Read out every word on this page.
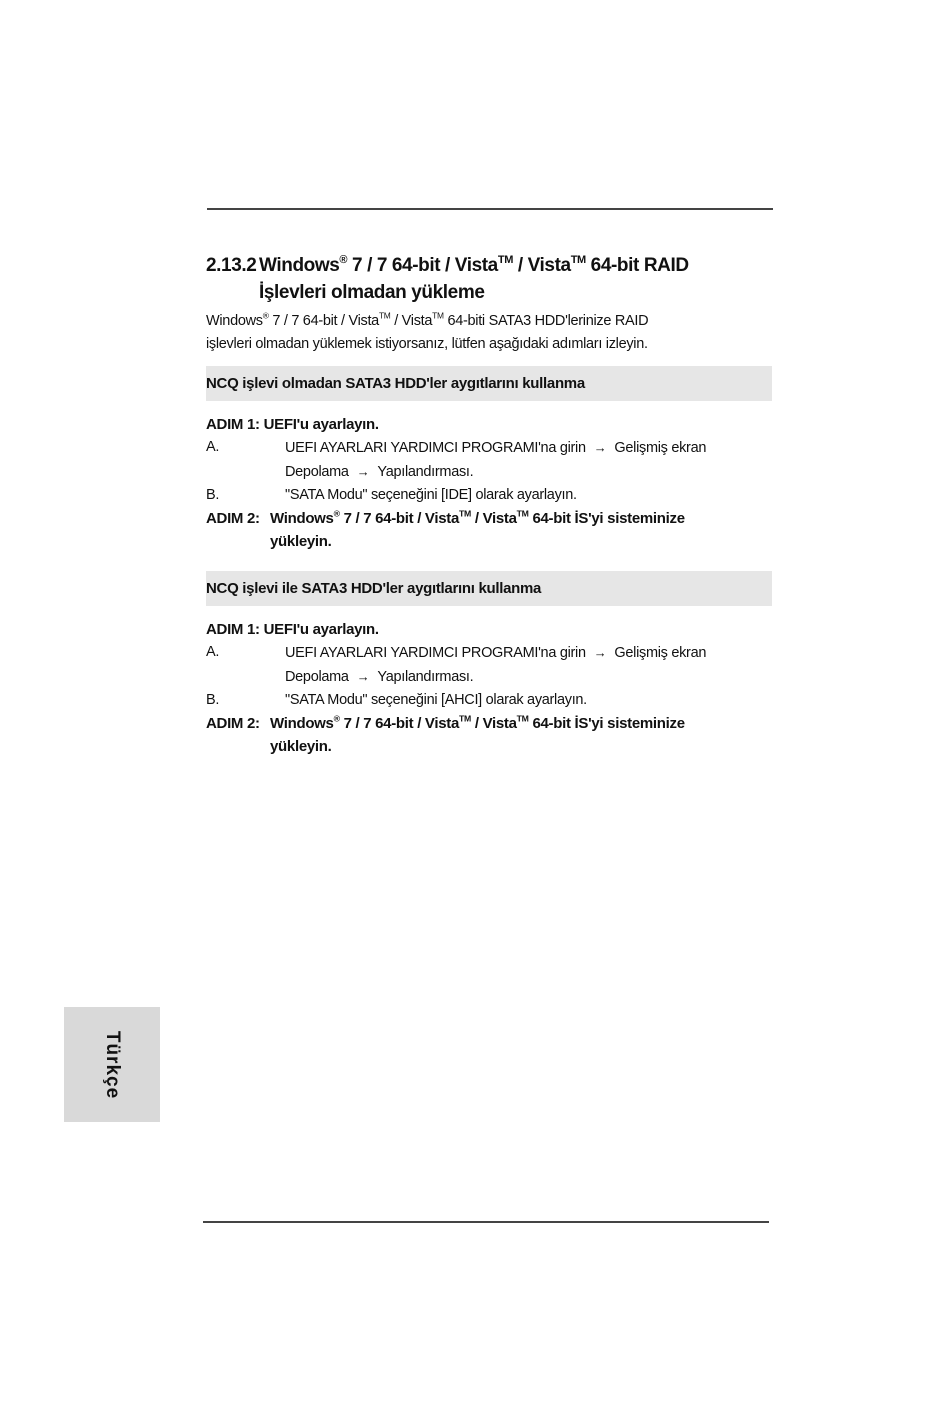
2.13.2 Windows® 7 / 7 64-bit / Vista™ / Vista™ 64-bit RAID
İşlevleri olmadan yükleme

Windows® 7 / 7 64-bit / Vista™ / Vista™ 64-biti SATA3 HDD'lerinize RAID
işlevleri olmadan yüklemek istiyorsanız, lütfen aşağıdaki adımları izleyin.

NCQ işlevi olmadan SATA3 HDD'ler aygıtlarını kullanma
ADIM 1: UEFI'u ayarlayın.
A.	UEFI AYARLARI YARDIMCI PROGRAMI'na girin → Gelişmiş ekran
Depolama → Yapılandırması.
B.	"SATA Modu" seçeneğini [IDE] olarak ayarlayın.
ADIM 2: Windows® 7 / 7 64-bit / Vista™ / Vista™ 64-bit İS'yi sisteminize
yükleyin.
NCQ işlevi ile SATA3 HDD'ler aygıtlarını kullanma
ADIM 1: UEFI'u ayarlayın.
A.	UEFI AYARLARI YARDIMCI PROGRAMI'na girin → Gelişmiş ekran
Depolama → Yapılandırması.
B.	"SATA Modu" seçeneğini [AHCI] olarak ayarlayın.
ADIM 2: Windows® 7 / 7 64-bit / Vista™ / Vista™ 64-bit İS'yi sisteminize
yükleyin.
Türkçe
